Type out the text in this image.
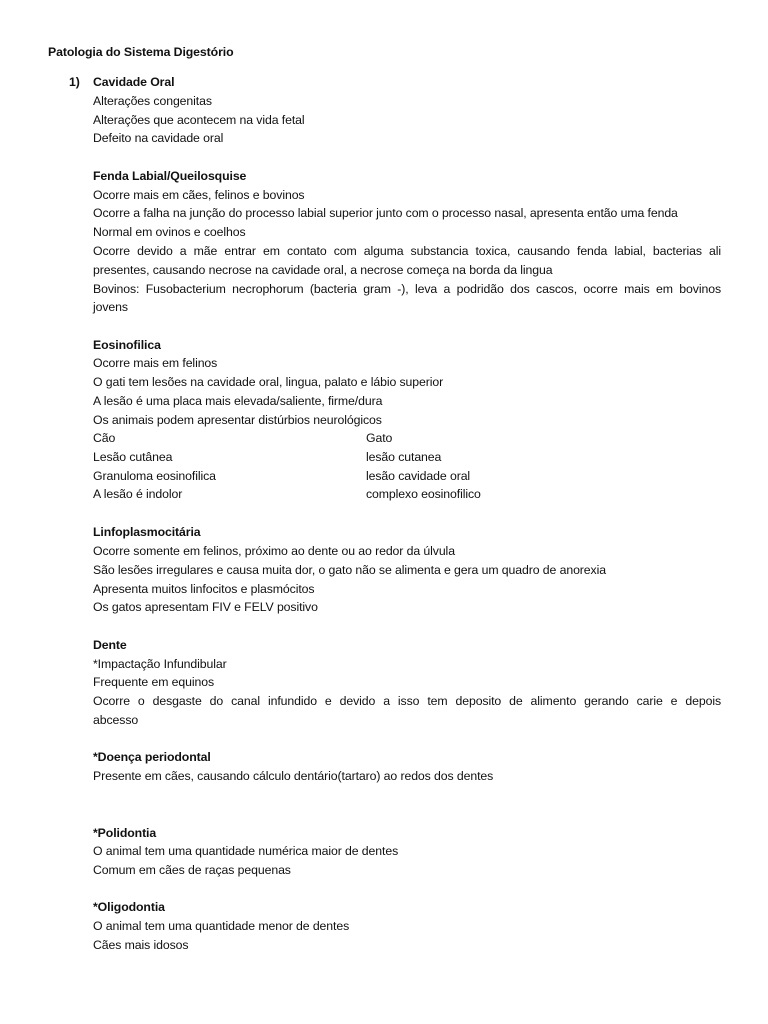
Patologia do Sistema Digestório
1) Cavidade Oral
Alterações congenitas
Alterações que acontecem na vida fetal
Defeito na cavidade oral
Fenda Labial/Queilosquise
Ocorre mais em cães, felinos e bovinos
Ocorre a falha na junção do processo labial superior junto com o processo nasal, apresenta então uma fenda
Normal em ovinos e coelhos
Ocorre devido a mãe entrar em contato com alguma substancia toxica, causando fenda labial, bacterias ali
presentes, causando necrose na cavidade oral, a necrose começa na borda da lingua
Bovinos: Fusobacterium necrophorum (bacteria gram -), leva a podridão dos cascos, ocorre mais em bovinos
jovens
Eosinofilica
Ocorre mais em felinos
O gati tem lesões na cavidade oral, lingua, palato e lábio superior
A lesão é uma placa mais elevada/saliente, firme/dura
Os animais podem apresentar distúrbios neurológicos
Cão	Gato
Lesão cutânea	lesão cutanea
Granuloma eosinofilica	lesão cavidade oral
A lesão é indolor	complexo eosinofilico
Linfoplasmocitária
Ocorre somente em felinos, próximo ao dente ou ao redor da úlvula
São lesões irregulares e causa muita dor, o gato não se alimenta e gera um quadro de anorexia
Apresenta muitos linfocitos e plasmócitos
Os gatos apresentam FIV e FELV positivo
Dente
*Impactação Infundibular
Frequente em equinos
Ocorre o desgaste do canal infundido e devido a isso tem deposito de alimento gerando carie e depois
abcesso
*Doença periodontal
Presente em cães, causando cálculo dentário(tartaro) ao redos dos dentes
*Polidontia
O animal tem uma quantidade numérica maior de dentes
Comum em cães de raças pequenas
*Oligodontia
O animal tem uma quantidade menor de dentes
Cães mais idosos
